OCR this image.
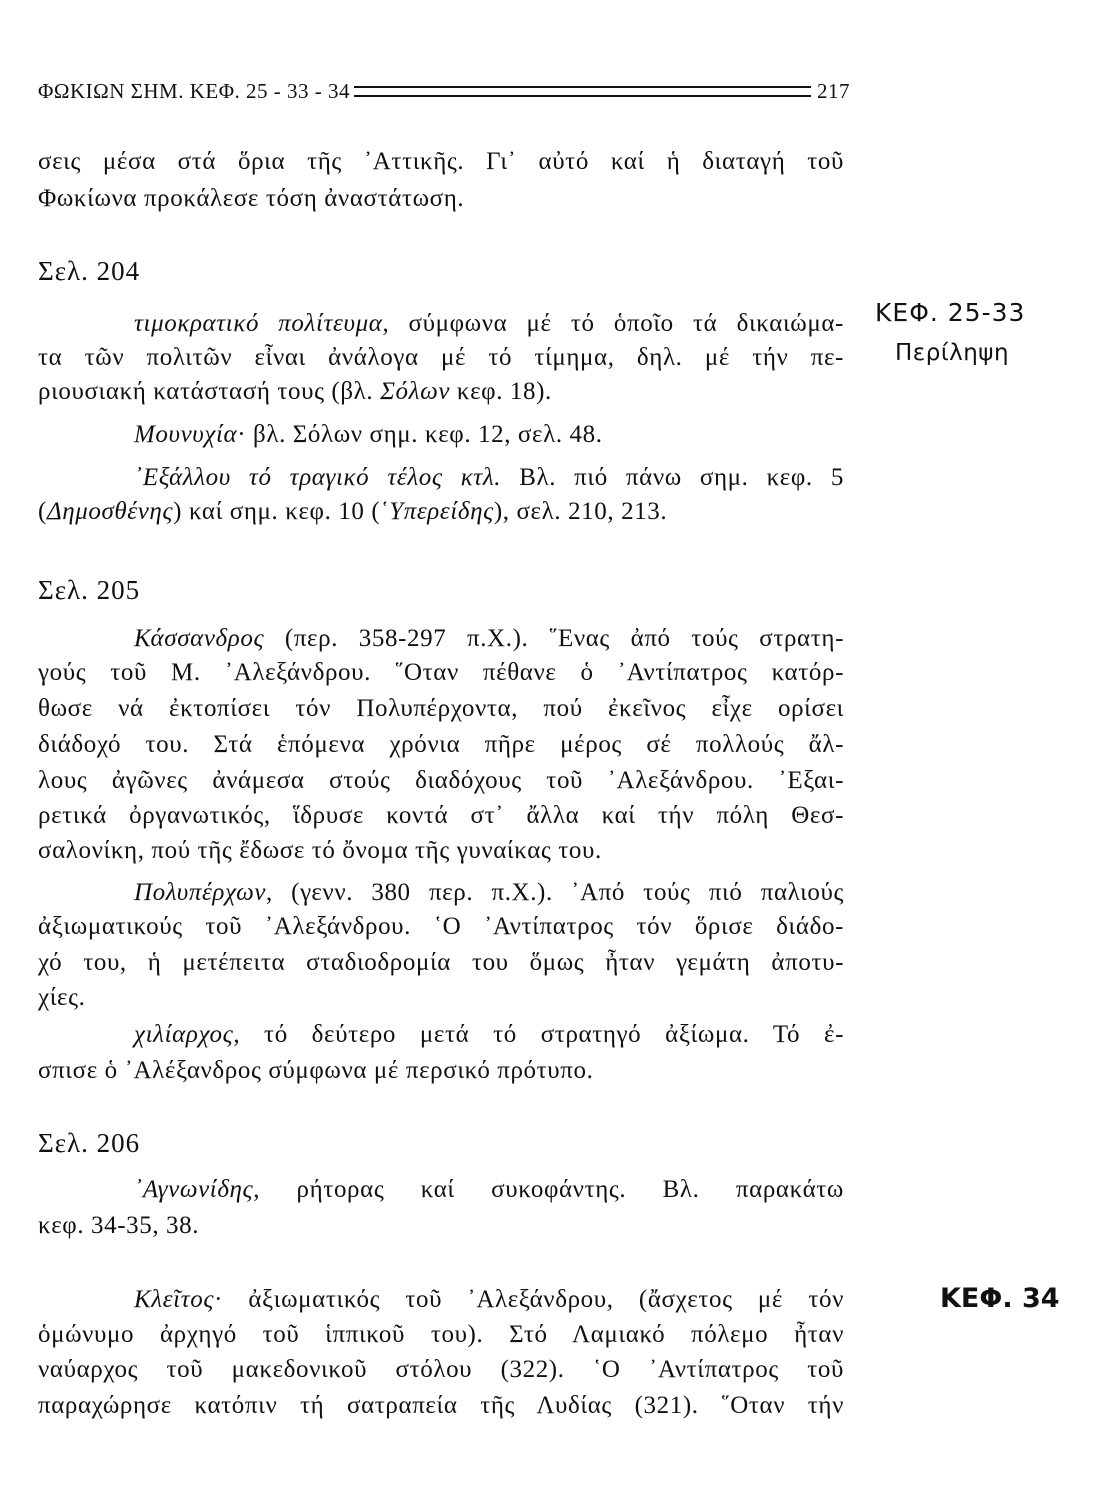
ΦΩΚΙΩΝ ΣΗΜ. ΚΕΦ. 25 - 33 - 34	217
σεις μέσα στά ὅρια τῆς ᾿Αττικῆς. Γι᾿ αὐτό καί ἡ διαταγή τοῦ
Φωκίωνα προκάλεσε τόση ἀναστάτωση.
Σελ. 204
τιμοκρατικό πολίτευμα, σύμφωνα μέ τό ὁποῖο τά δικαιώμα-
τα τῶν πολιτῶν εἶναι ἀνάλογα μέ τό τίμημα, δηλ. μέ τήν πε-
ριουσιακή κατάστασή τους (βλ. Σόλων κεφ. 18).
Μουνυχία· βλ. Σόλων σημ. κεφ. 12, σελ. 48.
᾿Εξάλλου τό τραγικό τέλος κτλ. Βλ. πιό πάνω σημ. κεφ. 5
(Δημοσθένης) καί σημ. κεφ. 10 (῾Υπερείδης), σελ. 210, 213.
Σελ. 205
Κάσσανδρος (περ. 358-297 π.Χ.). ῞Ενας ἀπό τούς στρατη-
γούς τοῦ Μ. ᾿Αλεξάνδρου. ῞Οταν πέθανε ὁ ᾿Αντίπατρος κατόρ-
θωσε νά ἐκτοπίσει τόν Πολυπέρχοντα, πού ἐκεῖνος εἶχε ορίσει
διάδοχό του. Στά ἑπόμενα χρόνια πῆρε μέρος σέ πολλούς ἄλ-
λους ἀγῶνες ἀνάμεσα στούς διαδόχους τοῦ ᾿Αλεξάνδρου. ᾿Εξαι-
ρετικά ὀργανωτικός, ἵδρυσε κοντά στ᾿ ἄλλα καί τήν πόλη Θεσ-
σαλονίκη, πού τῆς ἔδωσε τό ὄνομα τῆς γυναίκας του.
Πολυπέρχων, (γενν. 380 περ. π.Χ.). ᾿Από τούς πιό παλιούς
ἀξιωματικούς τοῦ ᾿Αλεξάνδρου. ῾Ο ᾿Αντίπατρος τόν ὅρισε διάδο-
χό του, ἡ μετέπειτα σταδιοδρομία του ὅμως ἦταν γεμάτη ἀποτυ-
χίες.
χιλίαρχος, τό δεύτερο μετά τό στρατηγό ἀξίωμα. Τό ἐ-
σπισε ὁ ᾿Αλέξανδρος σύμφωνα μέ περσικό πρότυπο.
Σελ. 206
᾿Αγνωνίδης, ρήτορας καί συκοφάντης. Βλ. παρακάτω
κεφ. 34-35, 38.
Κλεῖτος· ἀξιωματικός τοῦ ᾿Αλεξάνδρου, (ἄσχετος μέ τόν
ὁμώνυμο ἀρχηγό τοῦ ἱππικοῦ του). Στό Λαμιακό πόλεμο ἦταν
ναύαρχος τοῦ μακεδονικοῦ στόλου (322). ῾Ο ᾿Αντίπατρος τοῦ
παραχώρησε κατόπιν τή σατραπεία τῆς Λυδίας (321). ῞Οταν τήν
ΚΕΦ. 25-33
Περίληψη
ΚΕΦ. 34
